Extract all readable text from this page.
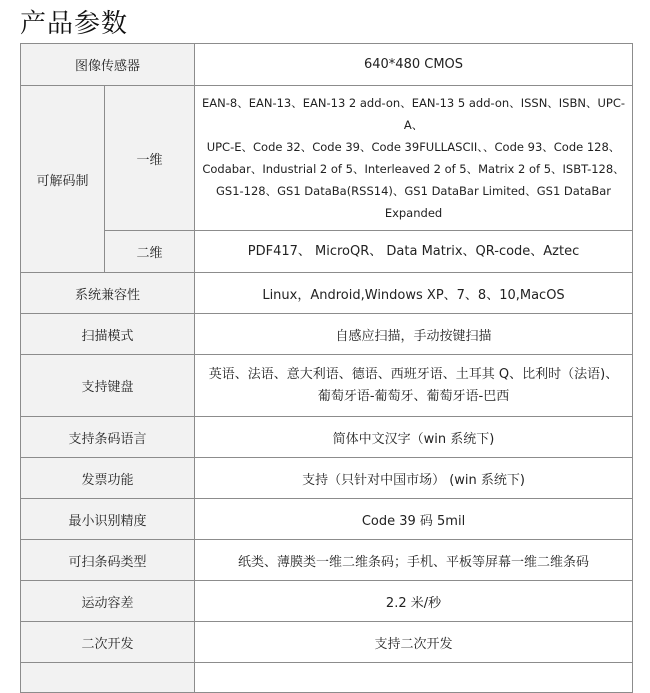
产品参数
图像传感器		640*480 CMOS
可解码制	一维	EAN-8、EAN-13、EAN-13 2 add-on、EAN-13 5 add-on、ISSN、ISBN、UPC-A、
UPC-E、Code 32、Code 39、Code 39FULLASCII、、Code 93、Code 128、
Codabar、Industrial 2 of 5、Interleaved 2 of 5、Matrix 2 of 5、ISBT-128、
GS1-128、GS1 DataBa(RSS14)、GS1 DataBar Limited、GS1 DataBar Expanded

	二维	PDF417、 MicroQR、 Data Matrix、QR-code、Aztec
系统兼容性		Linux，Android,Windows XP、7、8、10,MacOS
扫描模式		自感应扫描，手动按键扫描
支持键盘		英语、法语、意大利语、德语、西班牙语、土耳其 Q、比利时（法语)、
葡萄牙语-葡萄牙、葡萄牙语-巴西

支持条码语言		简体中文汉字（win 系统下)
发票功能		支持（只针对中国市场） (win 系统下)
最小识别精度		Code 39 码 5mil
可扫条码类型		纸类、薄膜类一维二维条码；手机、平板等屏幕一维二维条码
运动容差		2.2 米/秒
二次开发		支持二次开发
